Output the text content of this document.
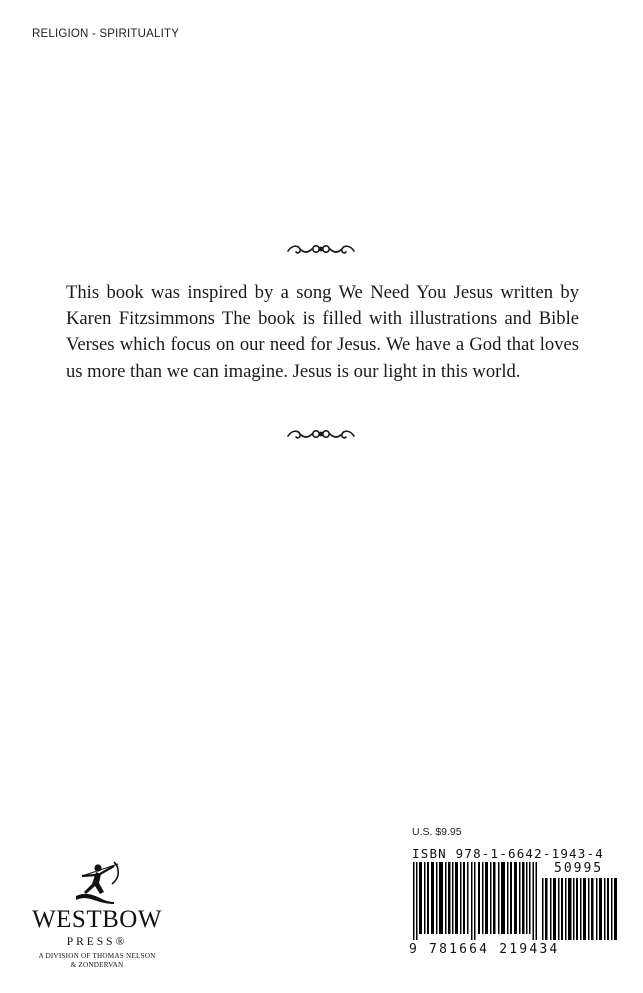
RELIGION - SPIRITUALITY
This book was inspired by a song We Need You Jesus written by Karen Fitzsimmons The book is filled with illustrations and Bible Verses which focus on our need for Jesus. We have a God that loves us more than we can imagine. Jesus is our light in this world.
WESTBOW
PRESS®
A DIVISION OF THOMAS NELSON
& ZONDERVAN
U.S. $9.95
ISBN 978-1-6642-1943-4
50995
9 781664 219434
